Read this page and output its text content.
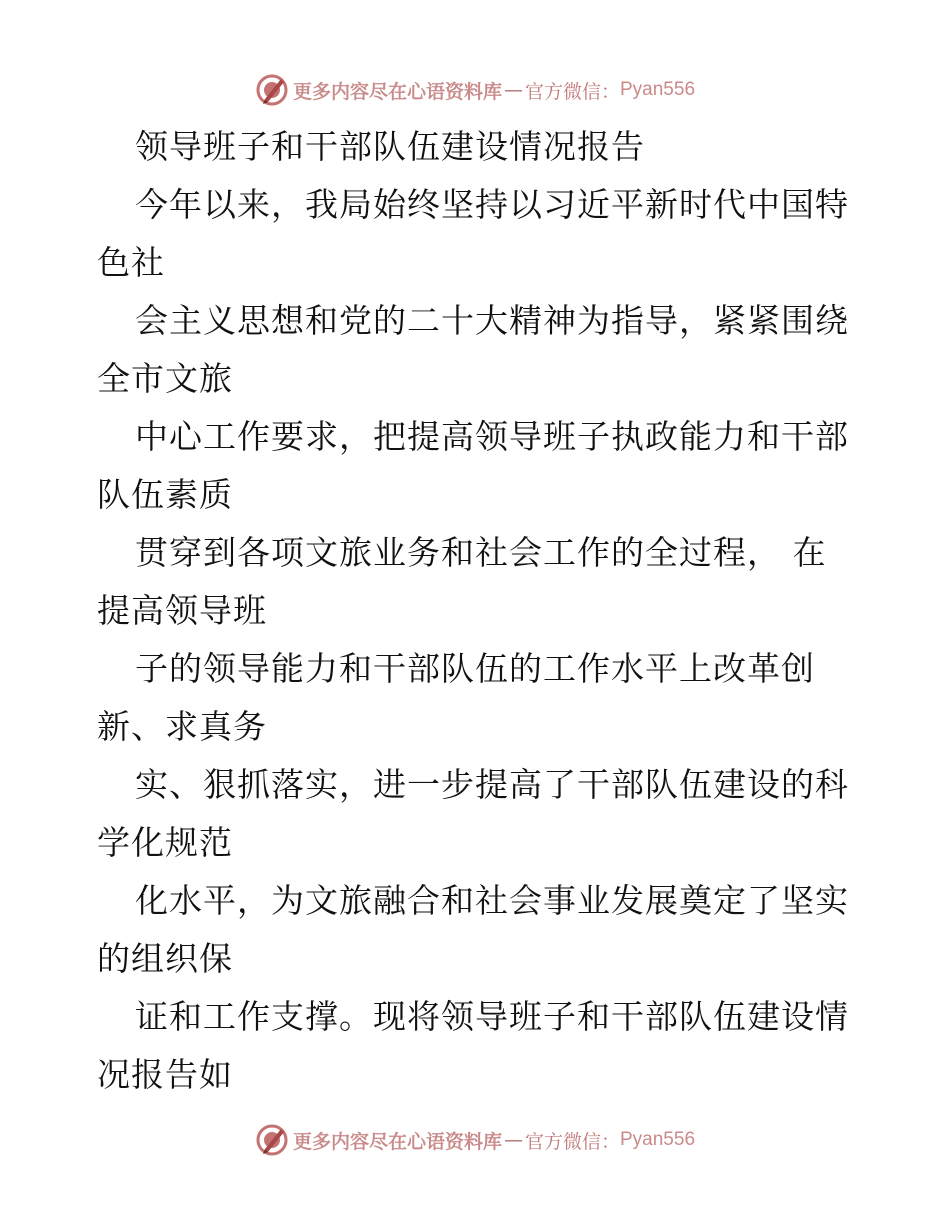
更多内容尽在心语资料库 — 官方微信： Pyan556
领导班子和干部队伍建设情况报告
今年以来，我局始终坚持以习近平新时代中国特
色社
会主义思想和党的二十大精神为指导，紧紧围绕
全市文旅
中心工作要求，把提高领导班子执政能力和干部
队伍素质
贯穿到各项文旅业务和社会工作的全过程， 在
提高领导班
子的领导能力和干部队伍的工作水平上改革创
新、求真务
实、狠抓落实，进一步提高了干部队伍建设的科
学化规范
化水平，为文旅融合和社会事业发展奠定了坚实
的组织保
证和工作支撑。现将领导班子和干部队伍建设情
况报告如
更多内容尽在心语资料库 — 官方微信： Pyan556
